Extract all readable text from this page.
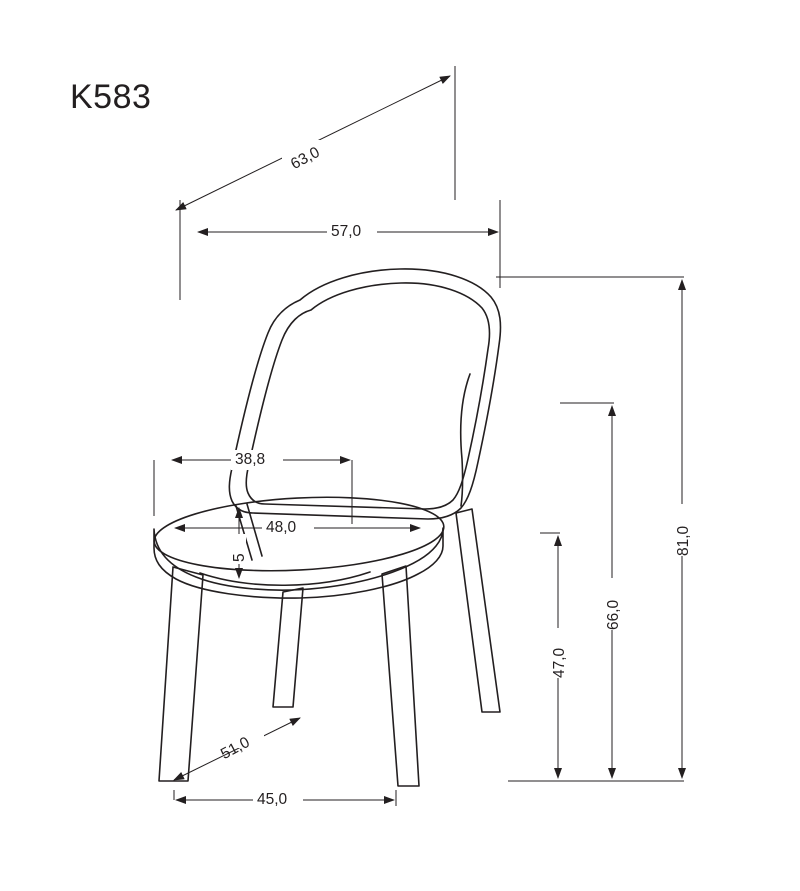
K583
63,0
57,0
38,8
48,0
5
51,0
45,0
47,0
66,0
81,0
